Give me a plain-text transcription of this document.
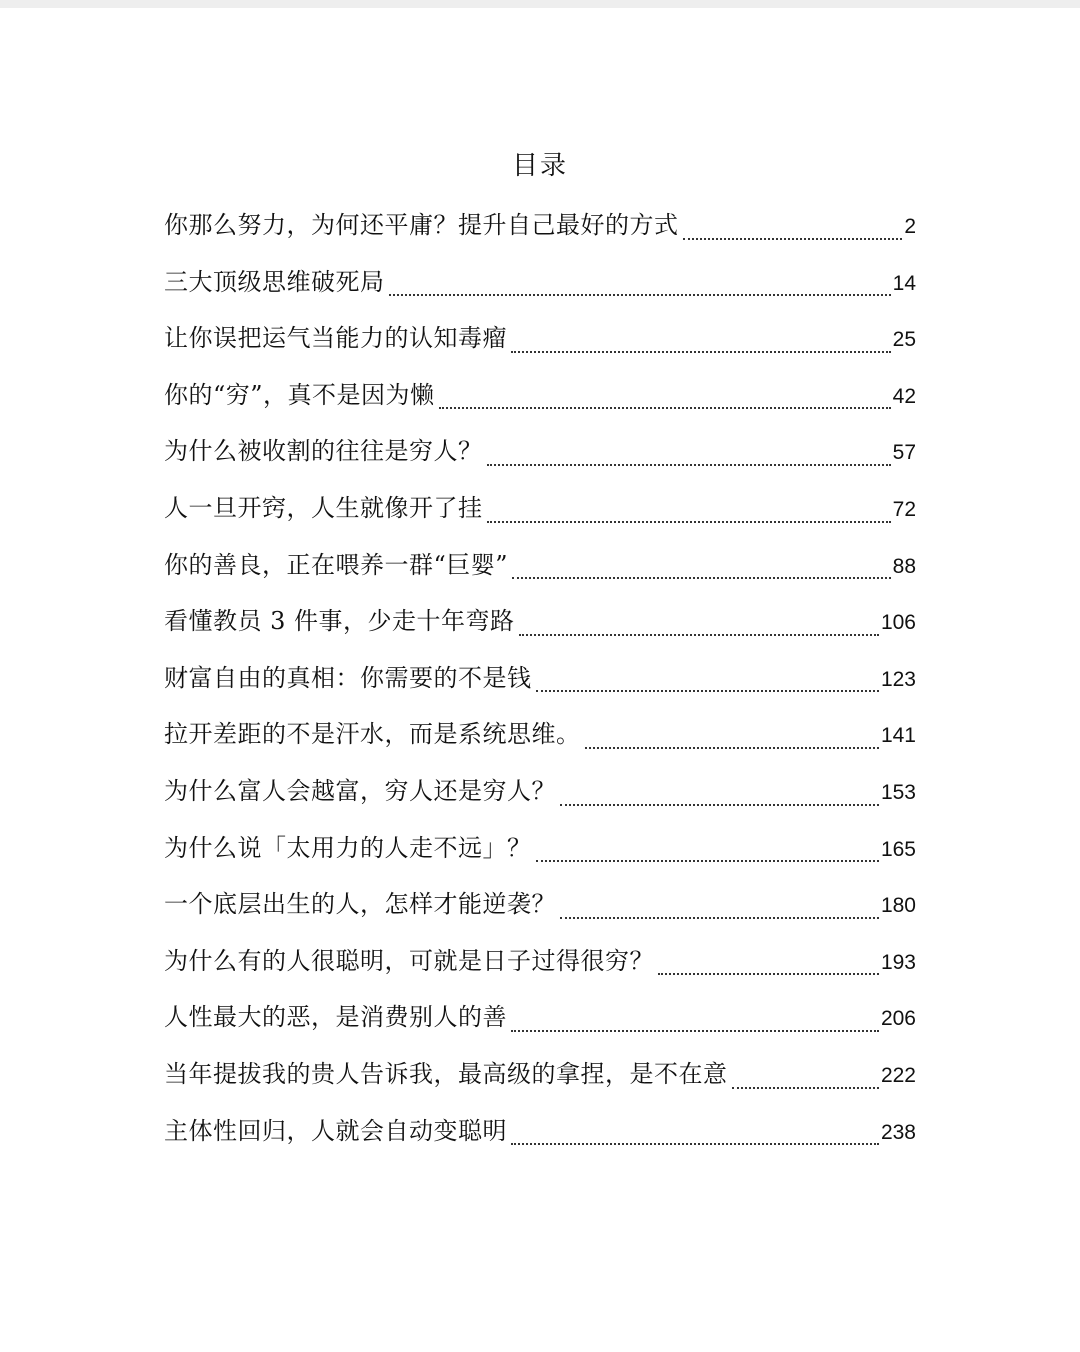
目录
你那么努力，为何还平庸？提升自己最好的方式	2
三大顶级思维破死局	14
让你误把运气当能力的认知毒瘤	25
你的“穷”，真不是因为懒	42
为什么被收割的往往是穷人？	57
人一旦开窍，人生就像开了挂	72
你的善良，正在喂养一群“巨婴”	88
看懂教员 3 件事，少走十年弯路	106
财富自由的真相：你需要的不是钱	123
拉开差距的不是汗水，而是系统思维。	141
为什么富人会越富，穷人还是穷人？	153
为什么说「太用力的人走不远」？	165
一个底层出生的人，怎样才能逆袭？	180
为什么有的人很聪明，可就是日子过得很穷？	193
人性最大的恶，是消费别人的善	206
当年提拔我的贵人告诉我，最高级的拿捏，是不在意	222
主体性回归，人就会自动变聪明	238
